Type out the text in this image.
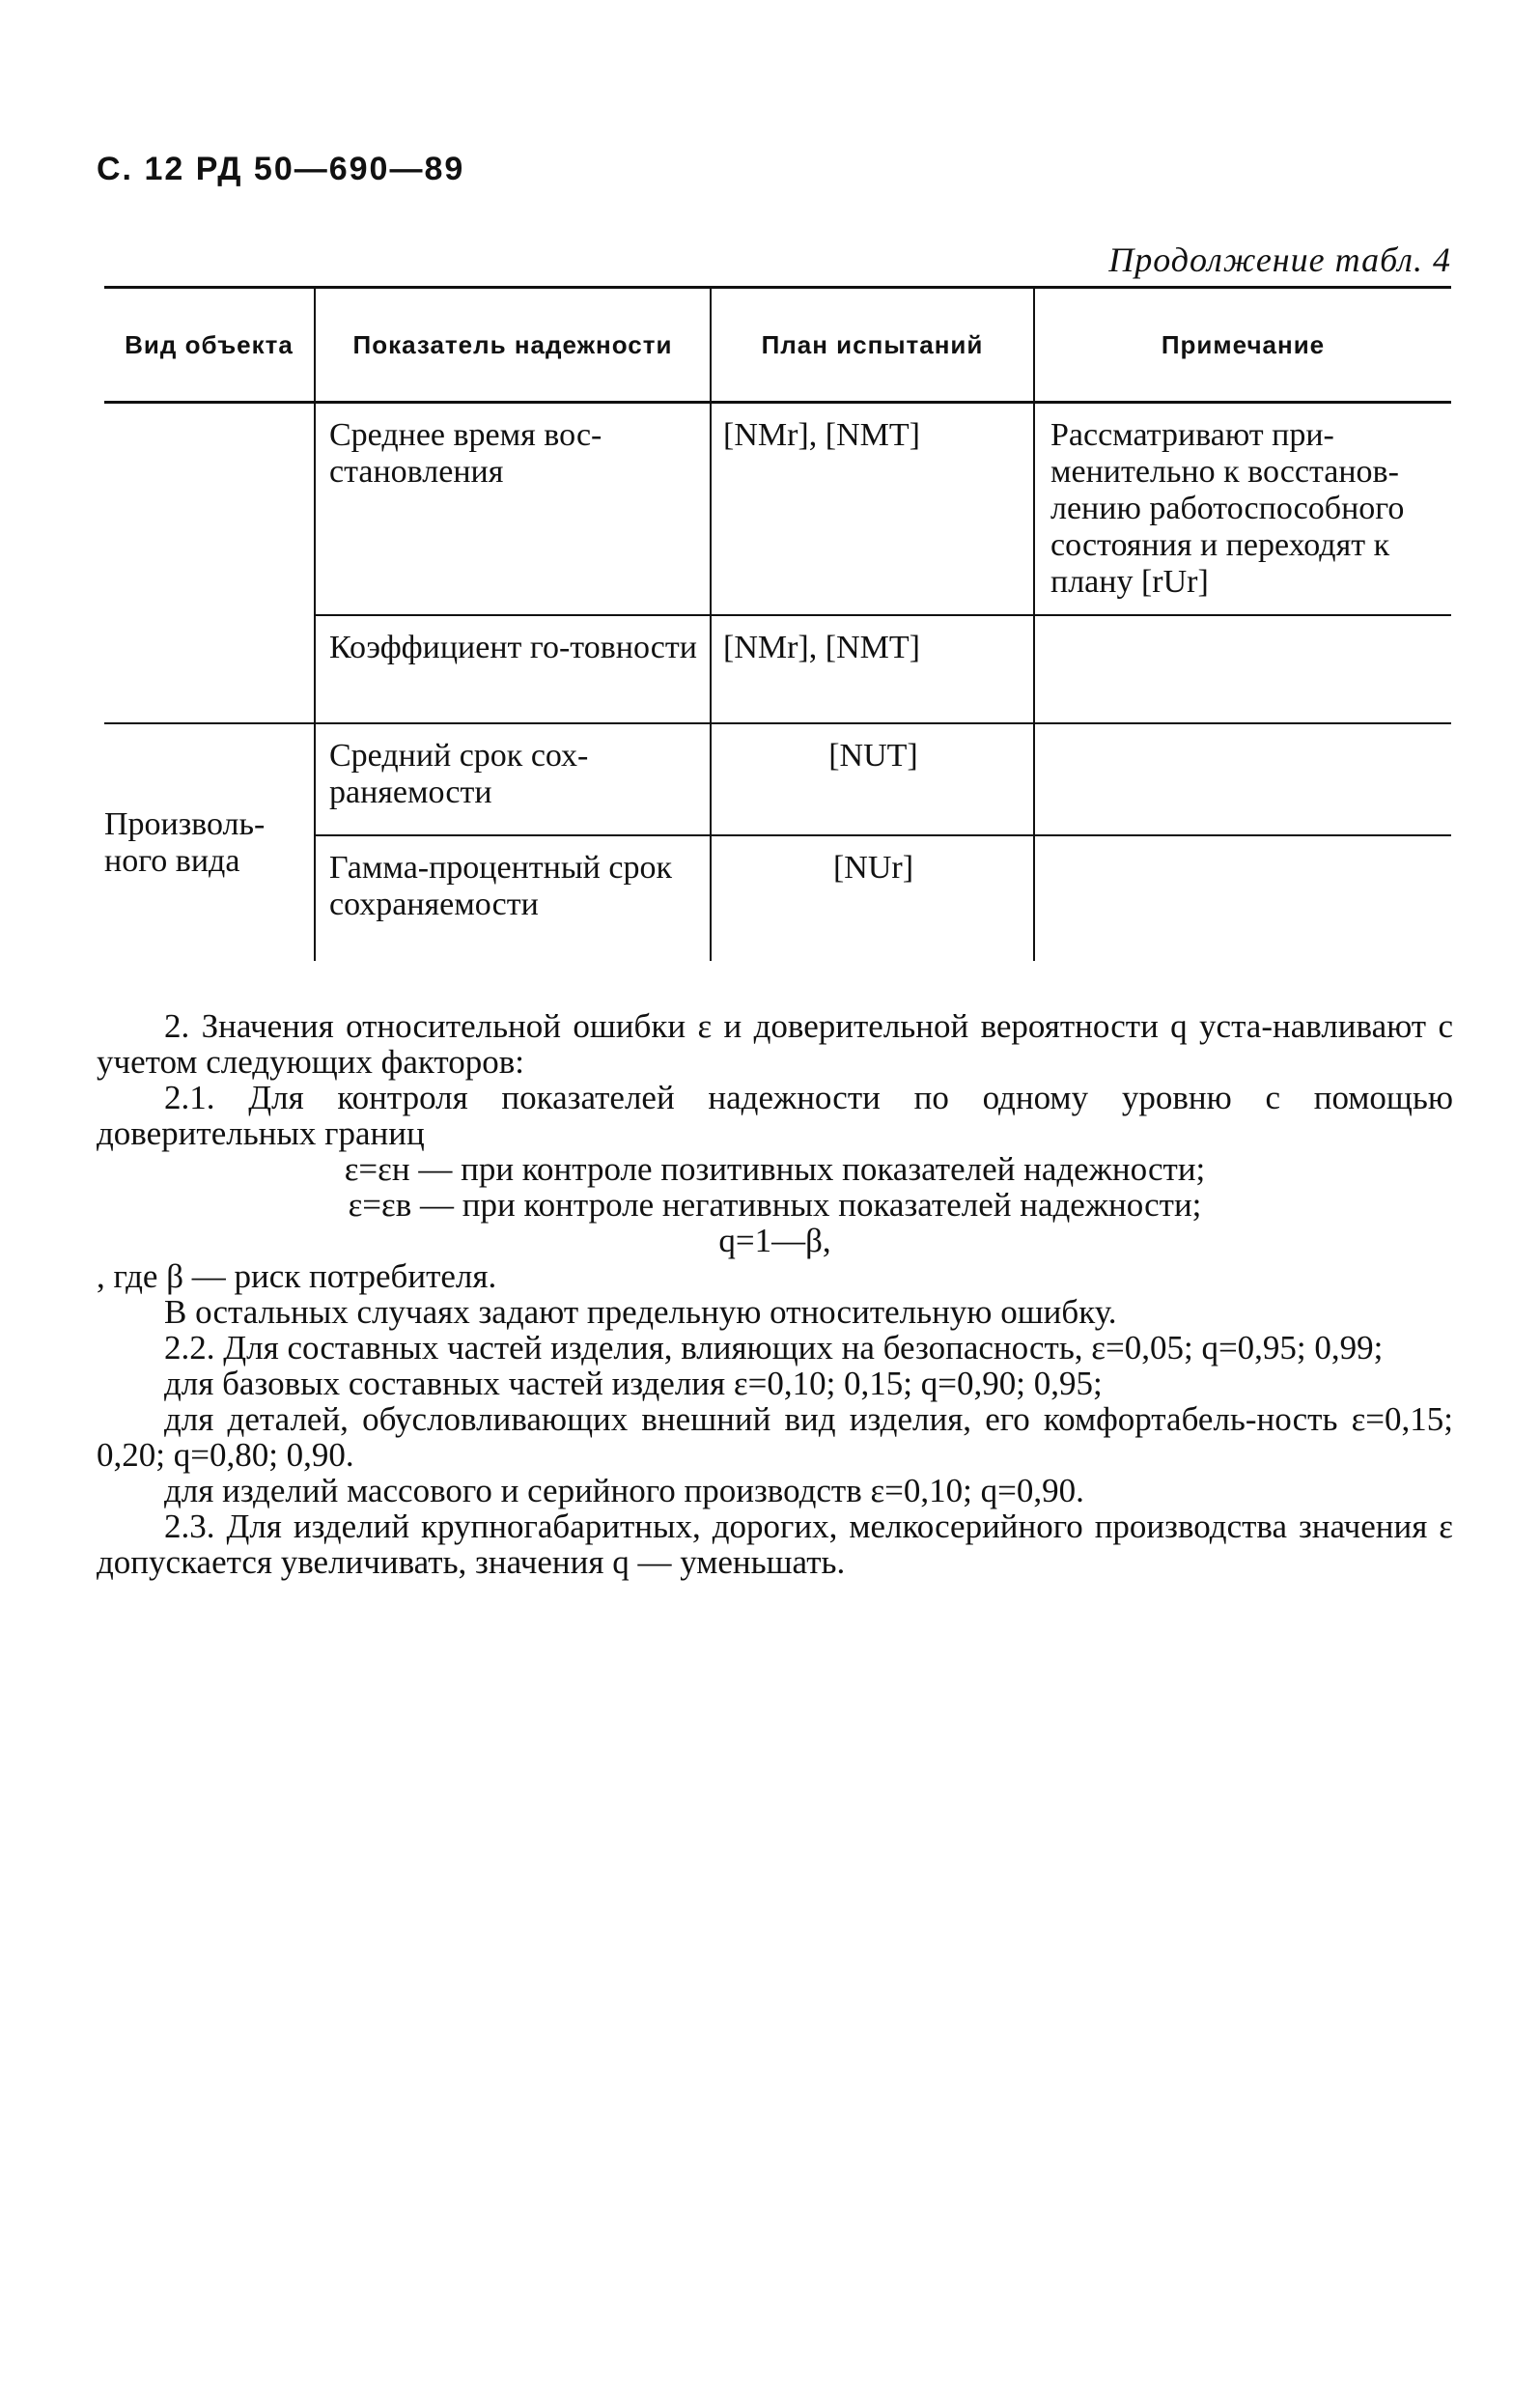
С. 12 РД 50—690—89
Продолжение табл. 4
Вид объекта	Показатель надежности	План испытаний	Примечание
	Среднее время вос-становления	[NMr], [NMT]	Рассматривают при-менительно к восстанов-лению работоспособного состояния и переходят к плану [rUr]
	Коэффициент го-товности	[NMr], [NMT]	
Произволь-ного вида	Средний срок сох-раняемости	[NUT]	
	Гамма-процентный срок сохраняемости	[NUr]	

2. Значения относительной ошибки ε и доверительной вероятности q уста-навливают с учетом следующих факторов:

2.1. Для контроля показателей надежности по одному уровню с помощью доверительных границ

ε=εн — при контроле позитивных показателей надежности;

ε=εв — при контроле негативных показателей надежности;

q=1—β,

, где β — риск потребителя.

В остальных случаях задают предельную относительную ошибку.

2.2. Для составных частей изделия, влияющих на безопасность, ε=0,05; q=0,95; 0,99;

для базовых составных частей изделия ε=0,10; 0,15; q=0,90; 0,95;

для деталей, обусловливающих внешний вид изделия, его комфортабель-ность ε=0,15; 0,20; q=0,80; 0,90.

для изделий массового и серийного производств ε=0,10; q=0,90.

2.3. Для изделий крупногабаритных, дорогих, мелкосерийного производства значения ε допускается увеличивать, значения q — уменьшать.
